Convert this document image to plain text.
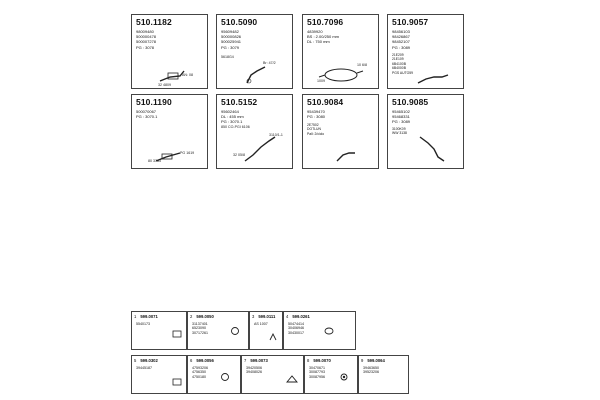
510.1182
98009480
500000478
500007278
PG : 3078
AN: 08
32 4809
510.5090
95609482
500000826
500025941
PG : 3079
5618G4
Br: 47/2
510.7096
4839920
BS : 2.00/250 mm
DL : 750 mm
1009
10 6/8
510.9057
98456103
98426867
98452107
PG : 3089
21E209
21E109
6B4100B
6B4000B
PGS AUTO59
510.1190
500070067
PG : 3070.1
PG 1619
80 3763
510.5152
95602464
DL : 455 mm
PG : 3070.1
850 CO-PGI 6106
3110/1-1
32 05/8
510.9084
95439470
PG : 3080
2E7502
DOTLUN
Pall: 2/ciclo
510.9085
95465102
95468331
PG : 3089
3100K09
WW 3138
1 599.0071
5540173
2 599.0050
31137401
6523090
30717261
3 599.0111
AS 1007
4 599.0261
50474414
30406946
30430017
5 599.0302
39445187
6 599.0056
47593206
4756350
4750180
7 599.0073
39420506
39408026
8 599.0070
30470671
30087793
30087956
9 599.0064
39463650
39523206
